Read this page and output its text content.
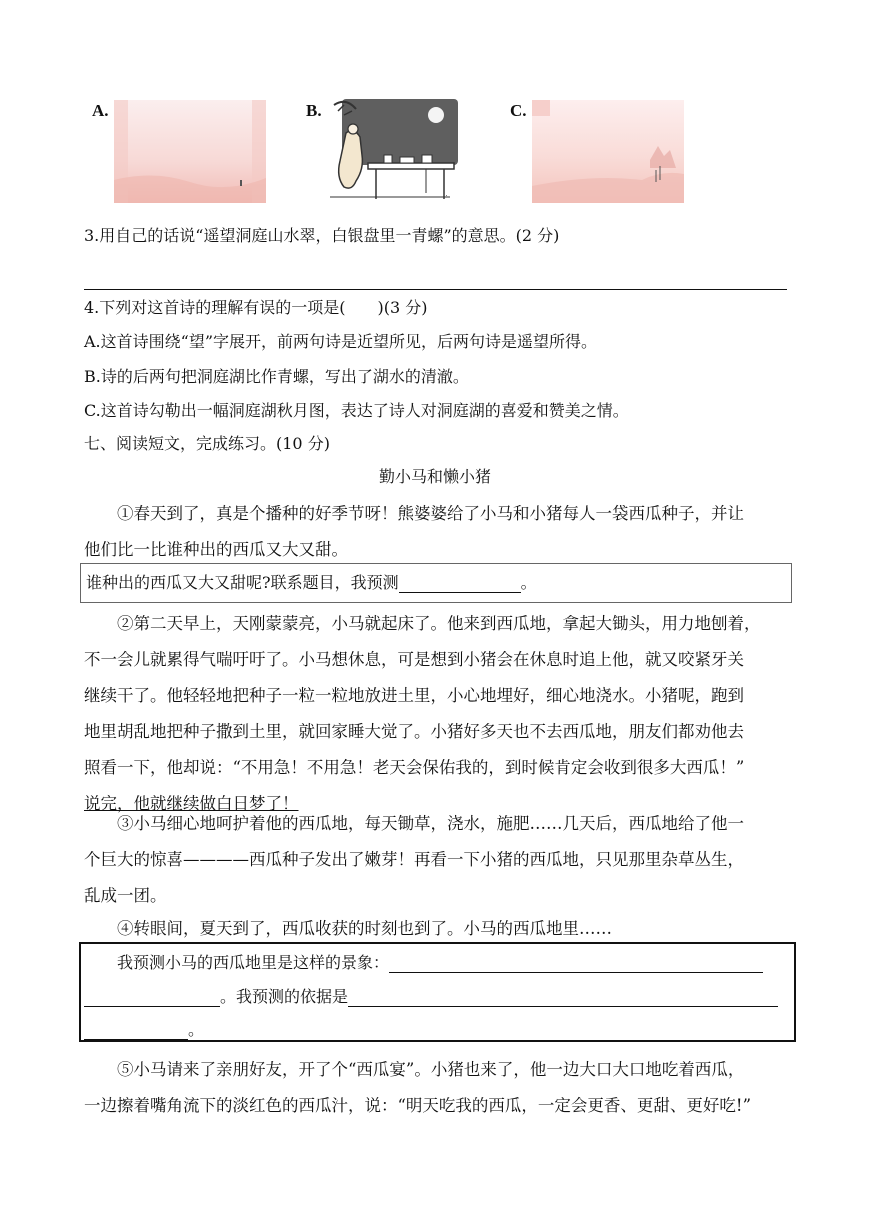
A.	B.
··
C.
3.用自己的话说“遥望洞庭山水翠，白银盘里一青螺”的意思。(2 分)
4.下列对这首诗的理解有误的一项是(　　)(3 分)
A.这首诗围绕“望”字展开，前两句诗是近望所见，后两句诗是遥望所得。
B.诗的后两句把洞庭湖比作青螺，写出了湖水的清澈。
C.这首诗勾勒出一幅洞庭湖秋月图，表达了诗人对洞庭湖的喜爱和赞美之情。
七、阅读短文，完成练习。(10 分)
勤小马和懒小猪

①春天到了，真是个播种的好季节呀！熊婆婆给了小马和小猪每人一袋西瓜种子，并让

他们比一比谁种出的西瓜又大又甜。

谁种出的西瓜又大又甜呢?联系题目，我预测	。

②第二天早上，天刚蒙蒙亮，小马就起床了。他来到西瓜地，拿起大锄头，用力地刨着，

不一会儿就累得气喘吁吁了。小马想休息，可是想到小猪会在休息时追上他，就又咬紧牙关

继续干了。他轻轻地把种子一粒一粒地放进土里，小心地埋好，细心地浇水。小猪呢，跑到

地里胡乱地把种子撒到土里，就回家睡大觉了。小猪好多天也不去西瓜地，朋友们都劝他去

照看一下，他却说：“不用急！不用急！老天会保佑我的，到时候肯定会收到很多大西瓜！”

说完，他就继续做白日梦了！

③小马细心地呵护着他的西瓜地，每天锄草，浇水，施肥……几天后，西瓜地给了他一

个巨大的惊喜————西瓜种子发出了嫩芽！再看一下小猪的西瓜地，只见那里杂草丛生，

乱成一团。

④转眼间，夏天到了，西瓜收获的时刻也到了。小马的西瓜地里……

我预测小马的西瓜地里是这样的景象：
。我预测的依据是
。

⑤小马请来了亲朋好友，开了个“西瓜宴”。小猪也来了，他一边大口大口地吃着西瓜，

一边擦着嘴角流下的淡红色的西瓜汁，说：“明天吃我的西瓜，一定会更香、更甜、更好吃!”
